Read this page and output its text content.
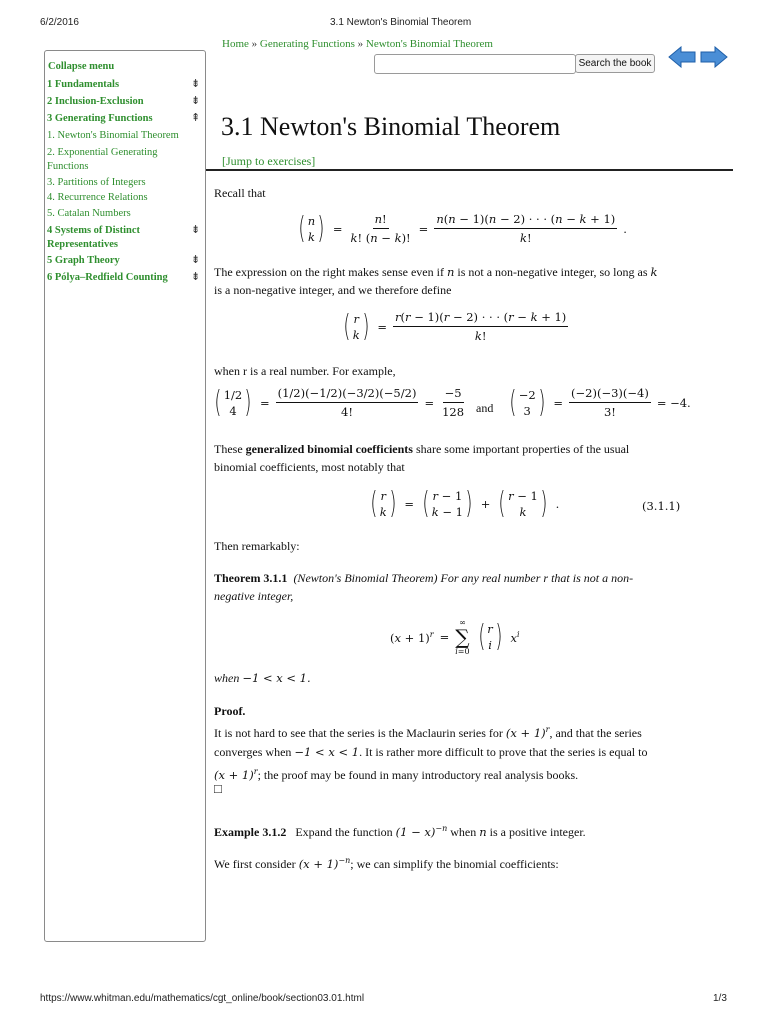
6/2/2016	3.1 Newton's Binomial Theorem
Home » Generating Functions » Newton's Binomial Theorem
Search the book
Collapse menu
1 Fundamentals	⇟
2 Inclusion-Exclusion	⇟
3 Generating Functions	⇞
1. Newton's Binomial Theorem
2. Exponential Generating Functions
3. Partitions of Integers
4. Recurrence Relations
5. Catalan Numbers
4 Systems of Distinct Representatives
⇟
5 Graph Theory	⇟
6 Pólya–Redfield Counting ⇟
3.1 Newton's Binomial Theorem
[Jump to exercises]
Recall that
( n
k ) = $\frac{n!}{k! (n - k)!} = \frac{n(n - 1)(n - 2) \cdot \cdot \cdot (n - k + 1)}{k!}$ .
The expression on the right makes sense even if n is not a non-negative integer, so long as k
is a non-negative integer, and we therefore define
( r
k ) = $\frac{r(r - 1)(r - 2) \cdot \cdot \cdot (r - k + 1)}{k!}$
when r is a real number. For example,
( 1/2
4 ) = $\frac{(1/2)(-1/2)(-3/2)(-5/2)}{4!} = \frac{-5}{128}$ and ( −2
3 ) = $\frac{(-2)(-3)(-4)}{3!} = -4$.
These generalized binomial coefficients share some important properties of the usual
binomial coefficients, most notably that
( r
k ) = ( r − 1
k − 1 ) + ( r − 1
k ) .	(3.1.1)
Then remarkably:
Theorem 3.1.1 (Newton's Binomial Theorem) For any real number r that is not a non-
negative integer,
$(x + 1)^r$ =
∞
∑
i=0 ( r
i ) $x^i$
when −1 < x < 1.
Proof.
It is not hard to see that the series is the Maclaurin series for $(x + 1)^r$, and that the series
converges when −1 < x < 1. It is rather more difficult to prove that the series is equal to
$(x + 1)^r$; the proof may be found in many introductory real analysis books.
□
Example 3.1.2 Expand the function $(1 - x)^{-n}$ when n is a positive integer.
We first consider $(x + 1)^{-n}$; we can simplify the binomial coefficients:
https://www.whitman.edu/mathematics/cgt_online/book/section03.01.html	1/3
